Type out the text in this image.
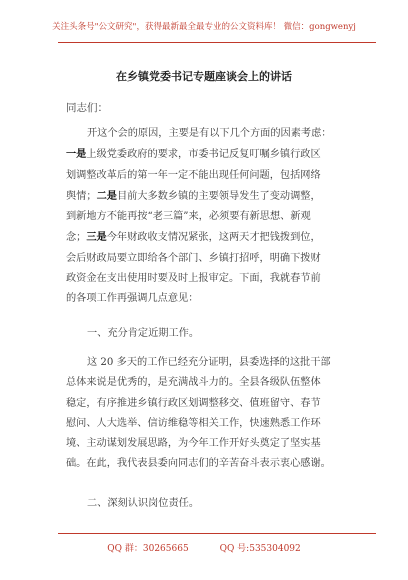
关注头条号"公文研究"，获得最新最全最专业的公文资料库！ 微信：gongwenyj
在乡镇党委书记专题座谈会上的讲话
同志们：
开这个会的原因，主要是有以下几个方面的因素考虑：
一是上级党委政府的要求，市委书记反复叮嘱乡镇行政区
划调整改革后的第一年一定不能出现任何问题，包括网络
舆情；二是目前大多数乡镇的主要领导发生了变动调整，
到新地方不能再按“老三篇”来，必须要有新思想、新观
念；三是今年财政收支情况紧张，这两天才把钱拨到位，
会后财政局要立即给各个部门、乡镇打招呼，明确下拨财
政资金在支出使用时要及时上报审定。下面，我就春节前
的各项工作再强调几点意见：
一、充分肯定近期工作。
这 20 多天的工作已经充分证明，县委选择的这批干部
总体来说是优秀的，是充满战斗力的。全县各级队伍整体
稳定，有序推进乡镇行政区划调整移交、值班留守、春节
慰问、人大选举、信访维稳等相关工作，快速熟悉工作环
境、主动谋划发展思路，为今年工作开好头奠定了坚实基
础。在此，我代表县委向同志们的辛苦奋斗表示衷心感谢。
二、深刻认识岗位责任。
QQ 群：30265665	QQ 号:535304092
